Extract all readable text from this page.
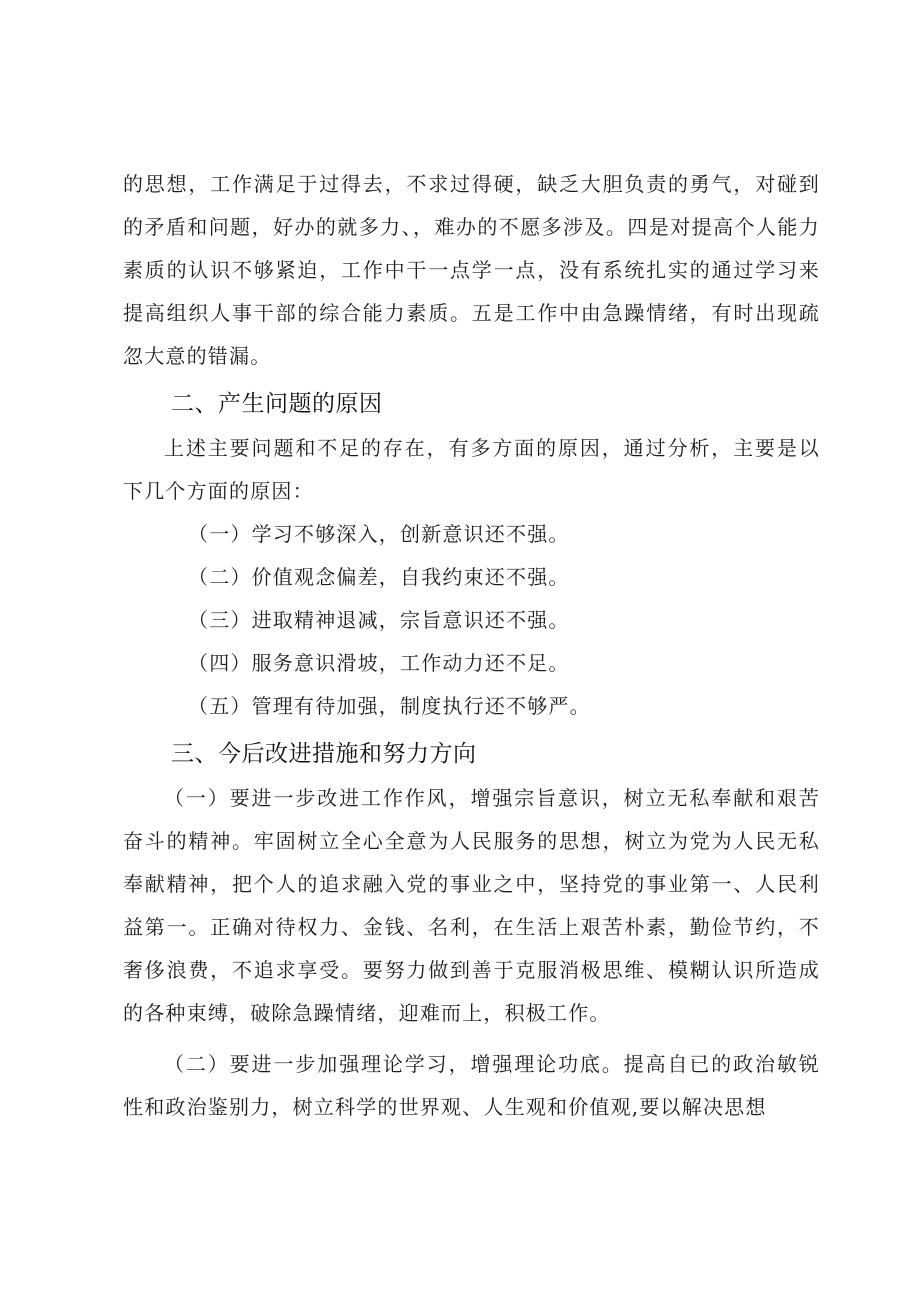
的思想，工作满足于过得去，不求过得硬，缺乏大胆负责的勇气，对碰到的矛盾和问题，好办的就多力、，难办的不愿多涉及。四是对提高个人能力素质的认识不够紧迫，工作中干一点学一点，没有系统扎实的通过学习来提高组织人事干部的综合能力素质。五是工作中由急躁情绪，有时出现疏忽大意的错漏。

二、产生问题的原因

上述主要问题和不足的存在，有多方面的原因，通过分析，主要是以下几个方面的原因：

（一）学习不够深入，创新意识还不强。
（二）价值观念偏差，自我约束还不强。
（三）进取精神退减，宗旨意识还不强。
（四）服务意识滑坡，工作动力还不足。
（五）管理有待加强，制度执行还不够严。
三、今后改进措施和努力方向

（一）要进一步改进工作作风，增强宗旨意识，树立无私奉献和艰苦奋斗的精神。牢固树立全心全意为人民服务的思想，树立为党为人民无私奉献精神，把个人的追求融入党的事业之中，坚持党的事业第一、人民利益第一。正确对待权力、金钱、名利，在生活上艰苦朴素，勤俭节约，不奢侈浪费，不追求享受。要努力做到善于克服消极思维、模糊认识所造成的各种束缚，破除急躁情绪，迎难而上，积极工作。

（二）要进一步加强理论学习，增强理论功底。提高自已的政治敏锐性和政治鉴别力，树立科学的世界观、人生观和价值观,要以解决思想
